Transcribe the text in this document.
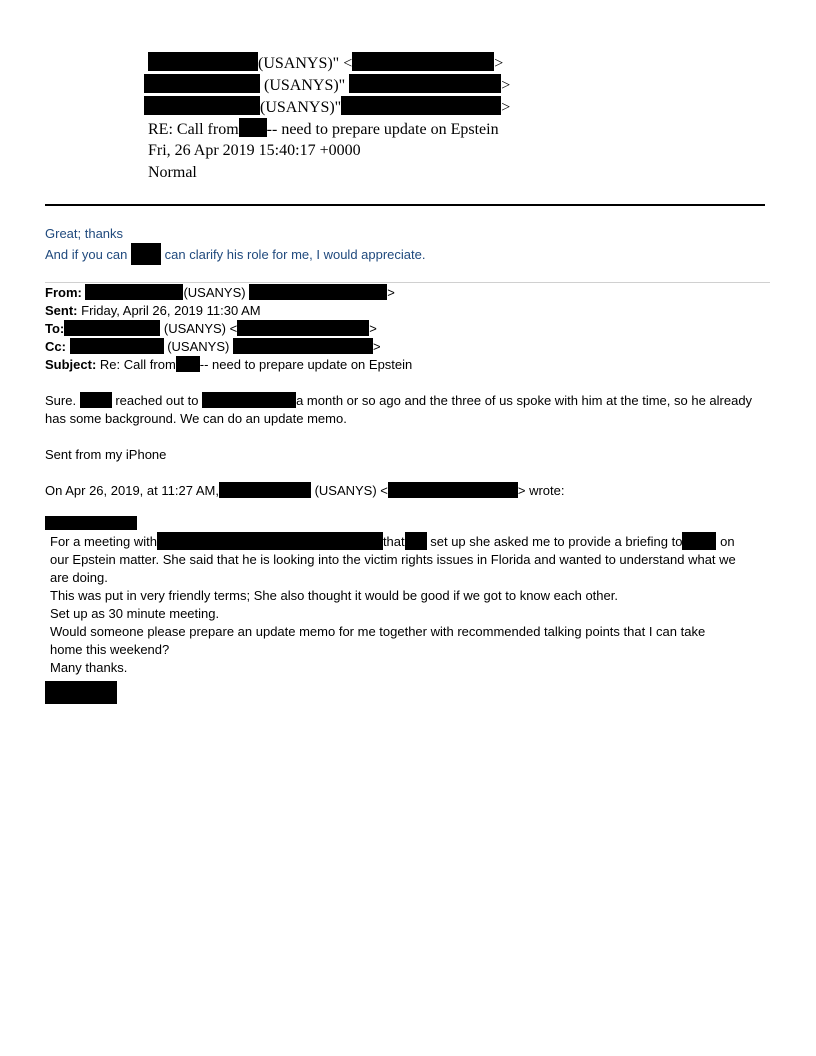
(USANYS)" <	>
(USANYS)"	>
(USANYS)"	>
RE: Call from -- need to prepare update on Epstein
Fri, 26 Apr 2019 15:40:17 +0000
Normal
Great; thanks
And if you can	can clarify his role for me, I would appreciate.

From:	(USANYS)	>

Sent: Friday, April 26, 2019 11:30 AM

To:	(USANYS) <	>

Cc:	(USANYS)	>

Subject: Re: Call from -- need to prepare update on Epstein

Sure.	reached out to	a month or so ago and the three of us spoke with him at the time, so he already

has some background. We can do an update memo.

Sent from my iPhone

On Apr 26, 2019, at 11:27 AM,	(USANYS) <	> wrote:

For a meeting with	that set up she asked me to provide a briefing to	on

our Epstein matter. She said that he is looking into the victim rights issues in Florida and wanted to understand what we

are doing.

This was put in very friendly terms; She also thought it would be good if we got to know each other.

Set up as 30 minute meeting.

Would someone please prepare an update memo for me together with recommended talking points that I can take

home this weekend?

Many thanks.
